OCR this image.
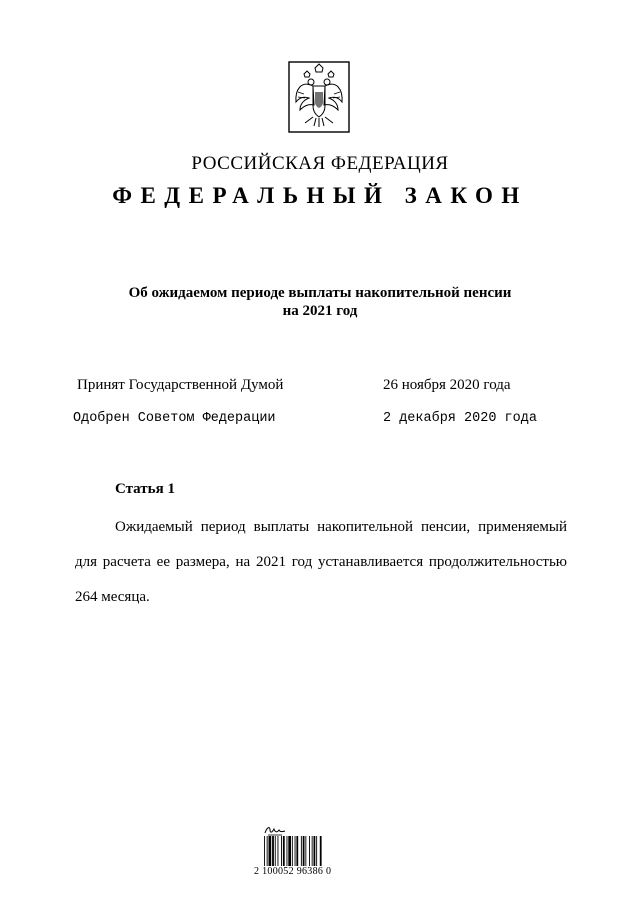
РОССИЙСКАЯ ФЕДЕРАЦИЯ
ФЕДЕРАЛЬНЫЙ ЗАКОН
Об ожидаемом периоде выплаты накопительной пенсии
на 2021 год
Принят Государственной Думой	26 ноября 2020 года
Одобрен Советом Федерации	2 декабря 2020 года
Статья 1
Ожидаемый период выплаты накопительной пенсии, применяемый для расчета ее размера, на 2021 год устанавливается продолжительностью 264 месяца.
2 100052 96386 0
